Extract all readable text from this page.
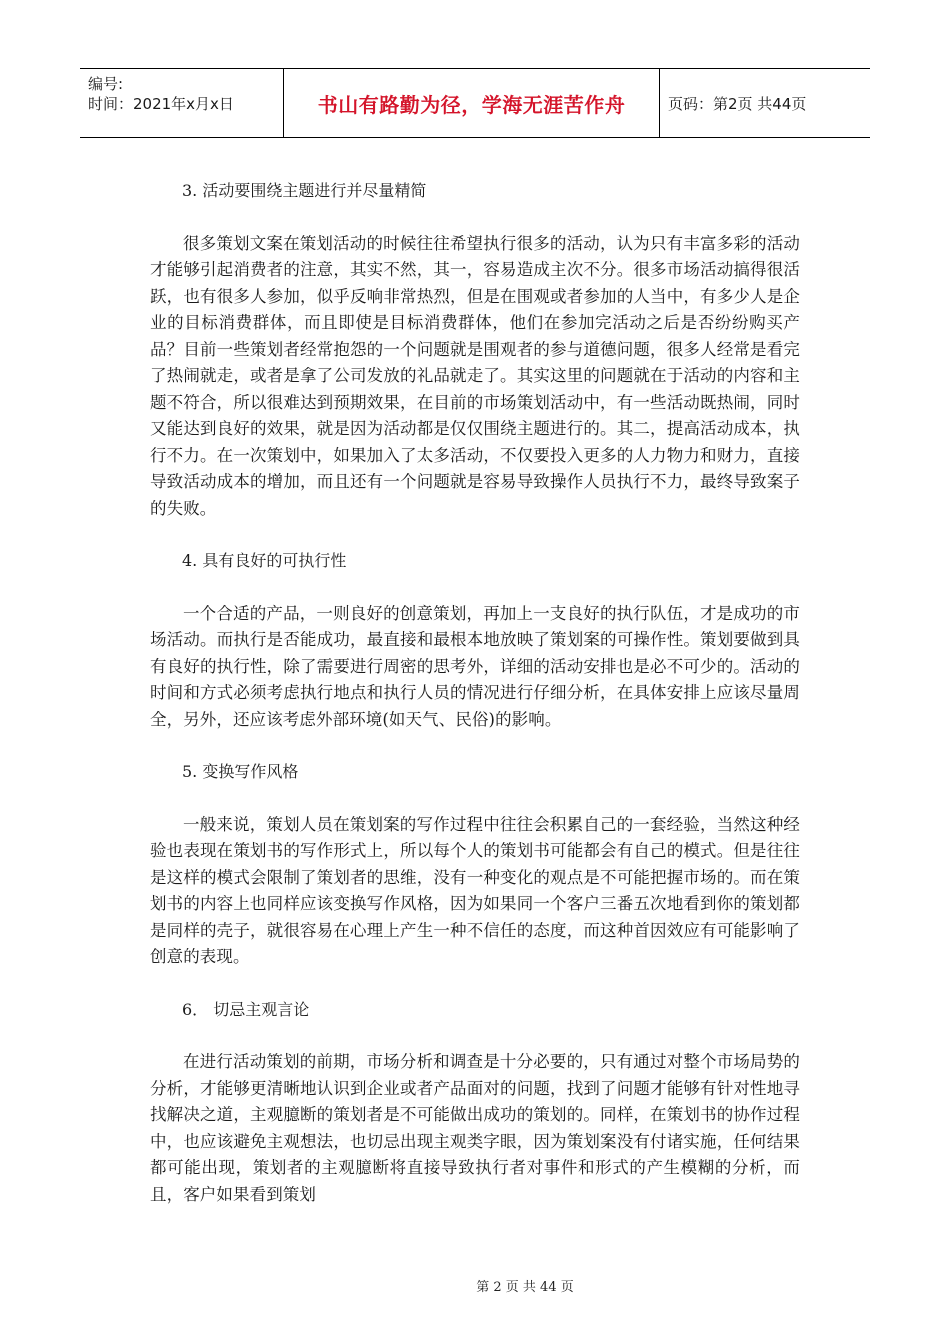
编号:
时间：2021年x月x日	书山有路勤为径，学海无涯苦作舟	页码：第2页 共44页

3. 活动要围绕主题进行并尽量精简

很多策划文案在策划活动的时候往往希望执行很多的活动，认为只有丰富多彩的活动才能够引起消费者的注意，其实不然，其一，容易造成主次不分。很多市场活动搞得很活跃，也有很多人参加，似乎反响非常热烈，但是在围观或者参加的人当中，有多少人是企业的目标消费群体，而且即使是目标消费群体，他们在参加完活动之后是否纷纷购买产品？目前一些策划者经常抱怨的一个问题就是围观者的参与道德问题，很多人经常是看完了热闹就走，或者是拿了公司发放的礼品就走了。其实这里的问题就在于活动的内容和主题不符合，所以很难达到预期效果，在目前的市场策划活动中，有一些活动既热闹，同时又能达到良好的效果，就是因为活动都是仅仅围绕主题进行的。其二，提高活动成本，执行不力。在一次策划中，如果加入了太多活动，不仅要投入更多的人力物力和财力，直接导致活动成本的增加，而且还有一个问题就是容易导致操作人员执行不力，最终导致案子的失败。

4. 具有良好的可执行性

一个合适的产品，一则良好的创意策划，再加上一支良好的执行队伍，才是成功的市场活动。而执行是否能成功，最直接和最根本地放映了策划案的可操作性。策划要做到具有良好的执行性，除了需要进行周密的思考外，详细的活动安排也是必不可少的。活动的时间和方式必须考虑执行地点和执行人员的情况进行仔细分析，在具体安排上应该尽量周全，另外，还应该考虑外部环境(如天气、民俗)的影响。

5. 变换写作风格

一般来说，策划人员在策划案的写作过程中往往会积累自己的一套经验，当然这种经验也表现在策划书的写作形式上，所以每个人的策划书可能都会有自己的模式。但是往往是这样的模式会限制了策划者的思维，没有一种变化的观点是不可能把握市场的。而在策划书的内容上也同样应该变换写作风格，因为如果同一个客户三番五次地看到你的策划都是同样的壳子，就很容易在心理上产生一种不信任的态度，而这种首因效应有可能影响了创意的表现。

6． 切忌主观言论

在进行活动策划的前期，市场分析和调查是十分必要的，只有通过对整个市场局势的分析，才能够更清晰地认识到企业或者产品面对的问题，找到了问题才能够有针对性地寻找解决之道，主观臆断的策划者是不可能做出成功的策划的。同样，在策划书的协作过程中，也应该避免主观想法，也切忌出现主观类字眼，因为策划案没有付诸实施，任何结果都可能出现，策划者的主观臆断将直接导致执行者对事件和形式的产生模糊的分析，而且，客户如果看到策划

第 2 页 共 44 页
